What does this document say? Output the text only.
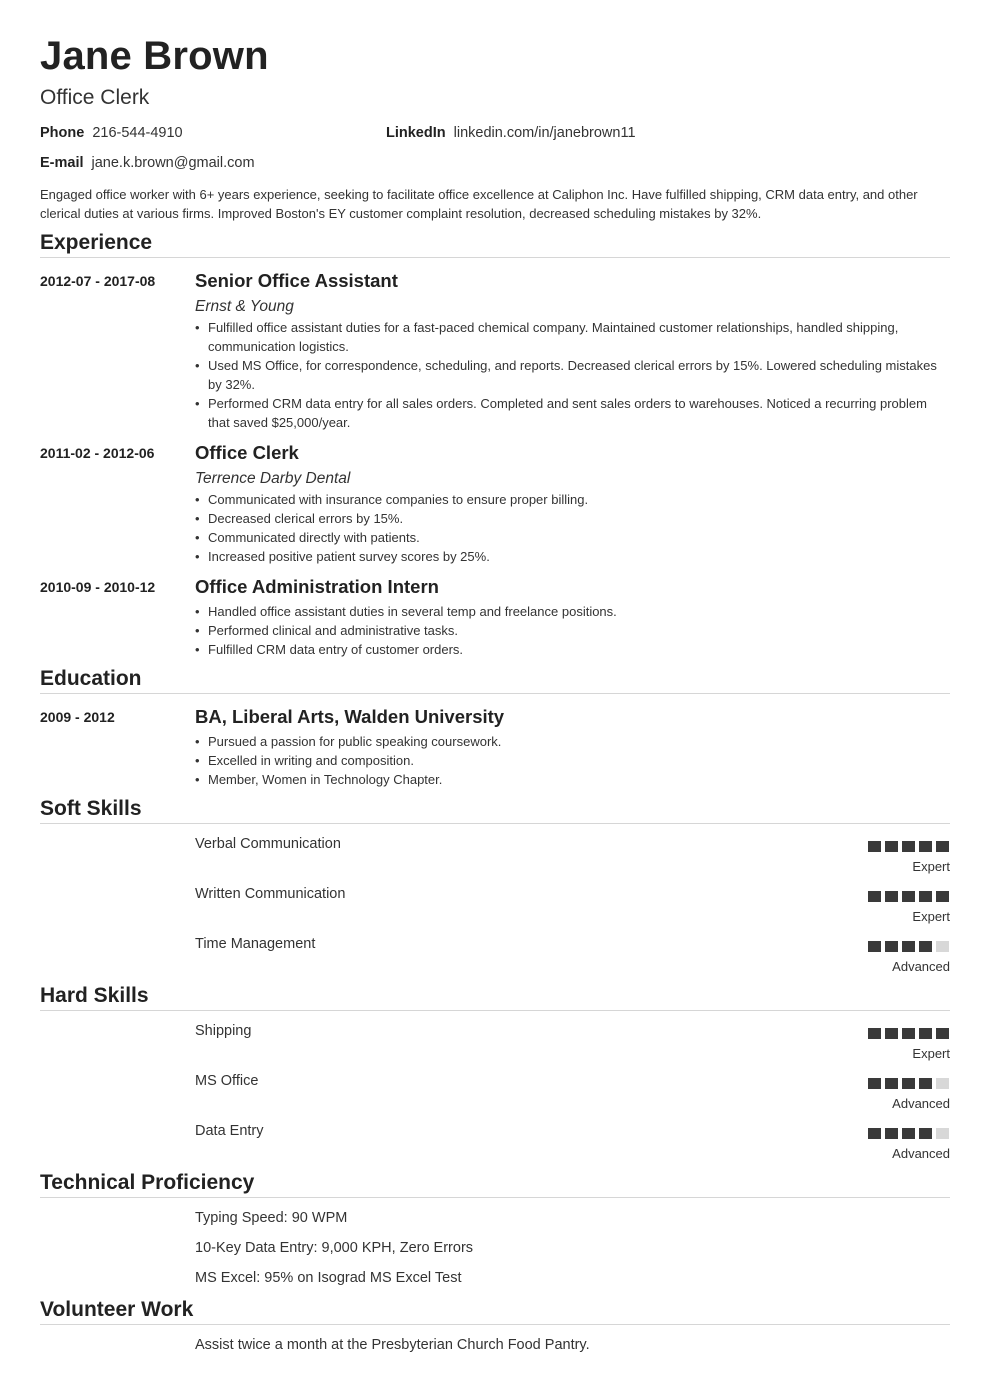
Jane Brown
Office Clerk
Phone 216-544-4910	LinkedIn linkedin.com/in/janebrown11
E-mail jane.k.brown@gmail.com
Engaged office worker with 6+ years experience, seeking to facilitate office excellence at Caliphon Inc. Have fulfilled shipping, CRM data entry, and other clerical duties at various firms. Improved Boston's EY customer complaint resolution, decreased scheduling mistakes by 32%.
Experience
2012-07 - 2017-08 Senior Office Assistant
Ernst & Young
• Fulfilled office assistant duties for a fast-paced chemical company. Maintained customer relationships, handled shipping, communication logistics.
• Used MS Office, for correspondence, scheduling, and reports. Decreased clerical errors by 15%. Lowered scheduling mistakes by 32%.
• Performed CRM data entry for all sales orders. Completed and sent sales orders to warehouses. Noticed a recurring problem that saved $25,000/year.
2011-02 - 2012-06 Office Clerk
Terrence Darby Dental
• Communicated with insurance companies to ensure proper billing.
• Decreased clerical errors by 15%.
• Communicated directly with patients.
• Increased positive patient survey scores by 25%.
2010-09 - 2010-12 Office Administration Intern
• Handled office assistant duties in several temp and freelance positions.
• Performed clinical and administrative tasks.
• Fulfilled CRM data entry of customer orders.
Education
2009 - 2012	BA, Liberal Arts, Walden University
• Pursued a passion for public speaking coursework.
• Excelled in writing and composition.
• Member, Women in Technology Chapter.
Soft Skills
Verbal Communication
Expert
Written Communication
Expert
Time Management
Advanced
Hard Skills
Shipping
Expert
MS Office
Advanced
Data Entry
Advanced
Technical Proficiency
Typing Speed: 90 WPM
10-Key Data Entry: 9,000 KPH, Zero Errors
MS Excel: 95% on Isograd MS Excel Test
Volunteer Work
Assist twice a month at the Presbyterian Church Food Pantry.
